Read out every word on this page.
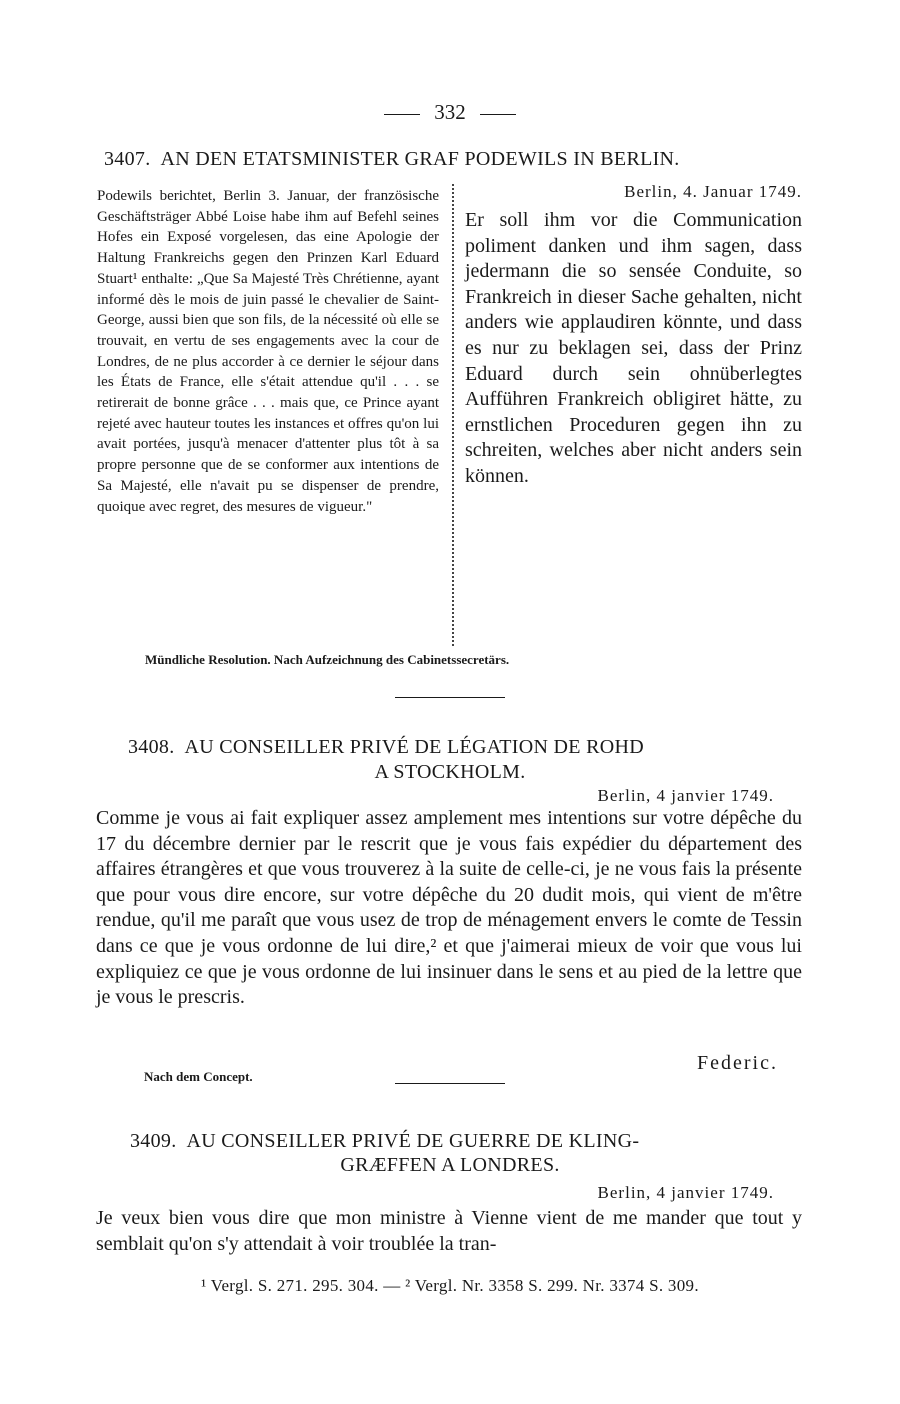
332
3407. AN DEN ETATSMINISTER GRAF PODEWILS IN BERLIN.
Podewils berichtet, Berlin 3. Januar, der französische Geschäftsträger Abbé Loise habe ihm auf Befehl seines Hofes ein Exposé vorgelesen, das eine Apologie der Haltung Frankreichs gegen den Prinzen Karl Eduard Stuart¹ enthalte: „Que Sa Majesté Très Chrétienne, ayant informé dès le mois de juin passé le chevalier de Saint-George, aussi bien que son fils, de la nécessité où elle se trouvait, en vertu de ses engagements avec la cour de Londres, de ne plus accorder à ce dernier le séjour dans les États de France, elle s'était attendue qu'il . . . se retirerait de bonne grâce . . . mais que, ce Prince ayant rejeté avec hauteur toutes les instances et offres qu'on lui avait portées, jusqu'à menacer d'attenter plus tôt à sa propre personne que de se conformer aux intentions de Sa Majesté, elle n'avait pu se dispenser de prendre, quoique avec regret, des mesures de vigueur."
Berlin, 4. Januar 1749.
Er soll ihm vor die Communication poliment danken und ihm sagen, dass jedermann die so sensée Conduite, so Frankreich in dieser Sache gehalten, nicht anders wie applaudiren könnte, und dass es nur zu beklagen sei, dass der Prinz Eduard durch sein ohnüberlegtes Aufführen Frankreich obligiret hätte, zu ernstlichen Proceduren gegen ihn zu schreiten, welches aber nicht anders sein können.
Mündliche Resolution. Nach Aufzeichnung des Cabinetssecretärs.
3408. AU CONSEILLER PRIVÉ DE LÉGATION DE ROHD
A STOCKHOLM.
Berlin, 4 janvier 1749.
Comme je vous ai fait expliquer assez amplement mes intentions sur votre dépêche du 17 du décembre dernier par le rescrit que je vous fais expédier du département des affaires étrangères et que vous trouverez à la suite de celle-ci, je ne vous fais la présente que pour vous dire encore, sur votre dépêche du 20 dudit mois, qui vient de m'être rendue, qu'il me paraît que vous usez de trop de ménagement envers le comte de Tessin dans ce que je vous ordonne de lui dire,² et que j'aimerai mieux de voir que vous lui expliquiez ce que je vous ordonne de lui insinuer dans le sens et au pied de la lettre que je vous le prescris.
Federic.
Nach dem Concept.
3409. AU CONSEILLER PRIVÉ DE GUERRE DE KLING-
GRÆFFEN A LONDRES.
Berlin, 4 janvier 1749.
Je veux bien vous dire que mon ministre à Vienne vient de me mander que tout y semblait qu'on s'y attendait à voir troublée la tran-
¹ Vergl. S. 271. 295. 304. — ² Vergl. Nr. 3358 S. 299. Nr. 3374 S. 309.
